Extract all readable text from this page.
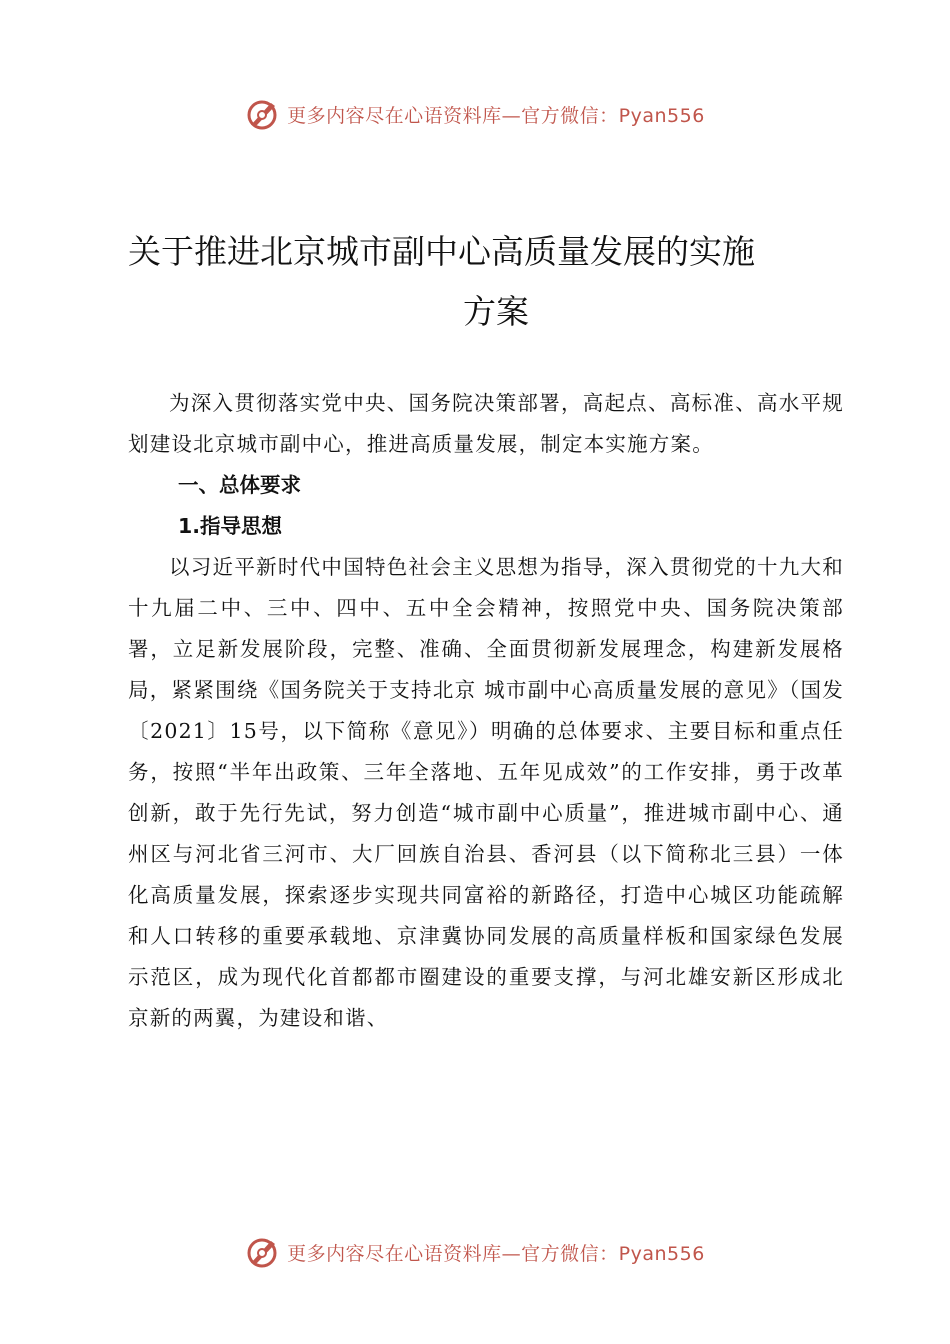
更多内容尽在心语资料库—官方微信：Pyan556
关于推进北京城市副中心高质量发展的实施
方案

为深入贯彻落实党中央、国务院决策部署，高起点、高标准、高水平规划建设北京城市副中心，推进高质量发展，制定本实施方案。

一、总体要求

1.指导思想

以习近平新时代中国特色社会主义思想为指导，深入贯彻党的十九大和十九届二中、三中、四中、五中全会精神，按照党中央、国务院决策部署，立足新发展阶段，完整、准确、全面贯彻新发展理念，构建新发展格局，紧紧围绕《国务院关于支持北京 城市副中心高质量发展的意见》（国发〔2021〕15号，以下简称《意见》）明确的总体要求、主要目标和重点任务，按照“半年出政策、三年全落地、五年见成效”的工作安排，勇于改革创新，敢于先行先试，努力创造“城市副中心质量”，推进城市副中心、通州区与河北省三河市、大厂回族自治县、香河县（以下简称北三县）一体化高质量发展，探索逐步实现共同富裕的新路径，打造中心城区功能疏解和人口转移的重要承载地、京津冀协同发展的高质量样板和国家绿色发展示范区，成为现代化首都都市圈建设的重要支撑，与河北雄安新区形成北京新的两翼，为建设和谐、

更多内容尽在心语资料库—官方微信：Pyan556
